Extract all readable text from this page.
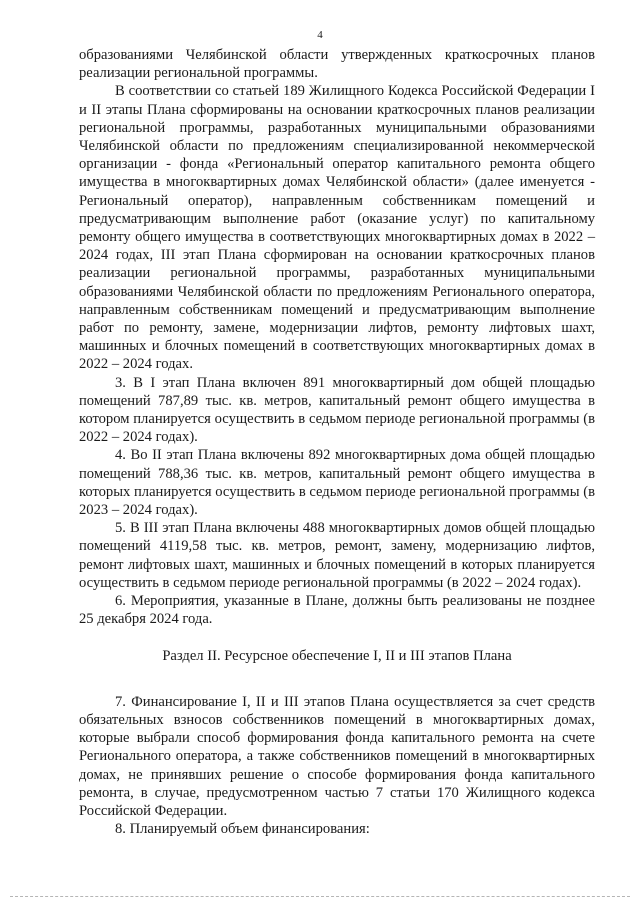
4

образованиями Челябинской области утвержденных краткосрочных планов реализации региональной программы.

В соответствии со статьей 189 Жилищного Кодекса Российской Федерации I и II этапы Плана сформированы на основании краткосрочных планов реализации региональной программы, разработанных муниципальными образованиями Челябинской области по предложениям специализированной некоммерческой организации - фонда «Региональный оператор капитального ремонта общего имущества в многоквартирных домах Челябинской области» (далее именуется - Региональный оператор), направленным собственникам помещений и предусматривающим выполнение работ (оказание услуг) по капитальному ремонту общего имущества в соответствующих многоквартирных домах в 2022 – 2024 годах, III этап Плана сформирован на основании краткосрочных планов реализации региональной программы, разработанных муниципальными образованиями Челябинской области по предложениям Регионального оператора, направленным собственникам помещений и предусматривающим выполнение работ по ремонту, замене, модернизации лифтов, ремонту лифтовых шахт, машинных и блочных помещений в соответствующих многоквартирных домах в 2022 – 2024 годах.

3. В I этап Плана включен 891 многоквартирный дом общей площадью помещений 787,89 тыс. кв. метров, капитальный ремонт общего имущества в котором планируется осуществить в седьмом периоде региональной программы (в 2022 – 2024 годах).

4. Во II этап Плана включены 892 многоквартирных дома общей площадью помещений 788,36 тыс. кв. метров, капитальный ремонт общего имущества в которых планируется осуществить в седьмом периоде региональной программы (в 2023 – 2024 годах).

5. В III этап Плана включены 488 многоквартирных домов общей площадью помещений 4119,58 тыс. кв. метров, ремонт, замену, модернизацию лифтов, ремонт лифтовых шахт, машинных и блочных помещений в которых планируется осуществить в седьмом периоде региональной программы (в 2022 – 2024 годах).

6. Мероприятия, указанные в Плане, должны быть реализованы не позднее 25 декабря 2024 года.

Раздел II. Ресурсное обеспечение I, II и III этапов Плана

7. Финансирование I, II и III этапов Плана осуществляется за счет средств обязательных взносов собственников помещений в многоквартирных домах, которые выбрали способ формирования фонда капитального ремонта на счете Регионального оператора, а также собственников помещений в многоквартирных домах, не принявших решение о способе формирования фонда капитального ремонта, в случае, предусмотренном частью 7 статьи 170 Жилищного кодекса Российской Федерации.

8. Планируемый объем финансирования:
